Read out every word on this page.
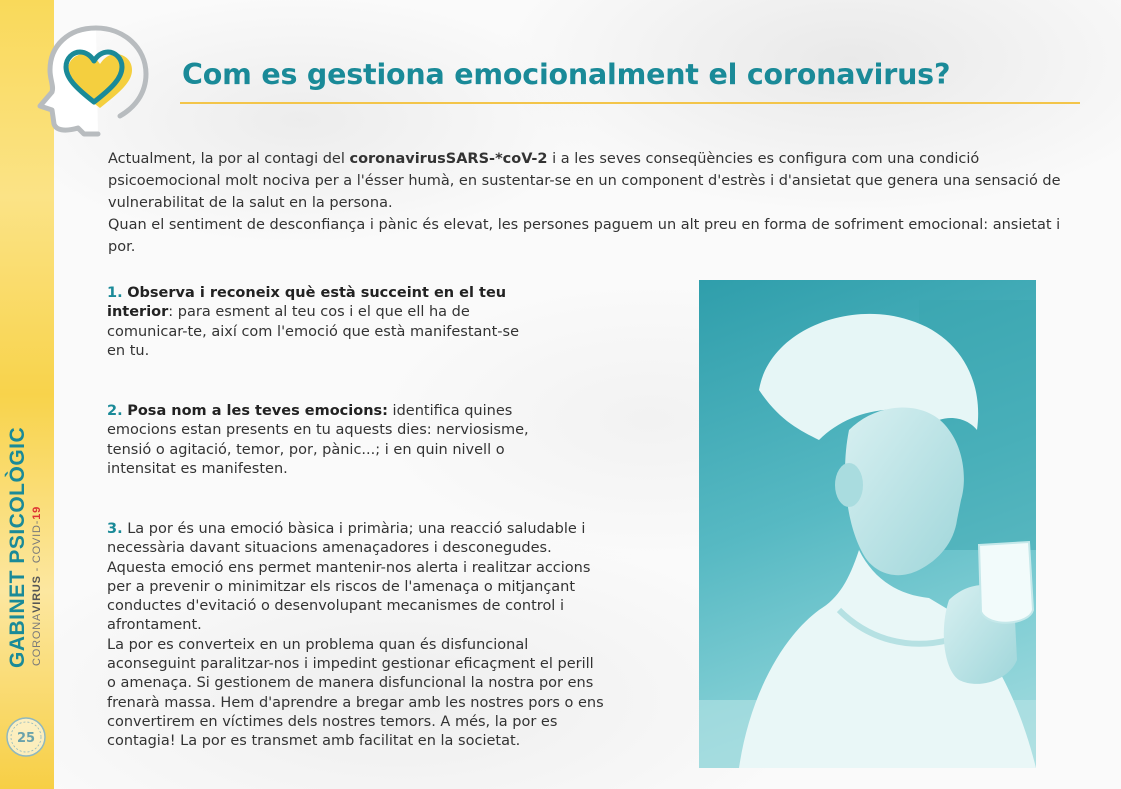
GABINET PSICOLÒGIC CORONAVIRUS - COVID-19
25
Com es gestiona emocionalment el coronavirus?

Actualment, la por al contagi del coronavirusSARS-*coV-2 i a les seves conseqüències es configura com una condició psicoemocional molt nociva per a l'ésser humà, en sustentar-se en un component d'estrès i d'ansietat que genera una sensació de vulnerabilitat de la salut en la persona.

Quan el sentiment de desconfiança i pànic és elevat, les persones paguem un alt preu en forma de sofriment emocional: ansietat i por.

1. Observa i reconeix què està succeint en el teu interior: para esment al teu cos i el que ell ha de comunicar-te, així com l'emoció que està manifestant-se en tu.

2. Posa nom a les teves emocions: identifica quines emocions estan presents en tu aquests dies: nerviosisme, tensió o agitació, temor, por, pànic...; i en quin nivell o intensitat es manifesten.

3. La por és una emoció bàsica i primària; una reacció saludable i necessària davant situacions amenaçadores i desconegudes. Aquesta emoció ens permet mantenir-nos alerta i realitzar accions per a prevenir o minimitzar els riscos de l'amenaça o mitjançant conductes d'evitació o desenvolupant mecanismes de control i afrontament.

La por es converteix en un problema quan és disfuncional aconseguint paralitzar-nos i impedint gestionar eficaçment el perill o amenaça. Si gestionem de manera disfuncional la nostra por ens frenarà massa. Hem d'aprendre a bregar amb les nostres pors o ens convertirem en víctimes dels nostres temors. A més, la por es contagia! La por es transmet amb facilitat en la societat.
